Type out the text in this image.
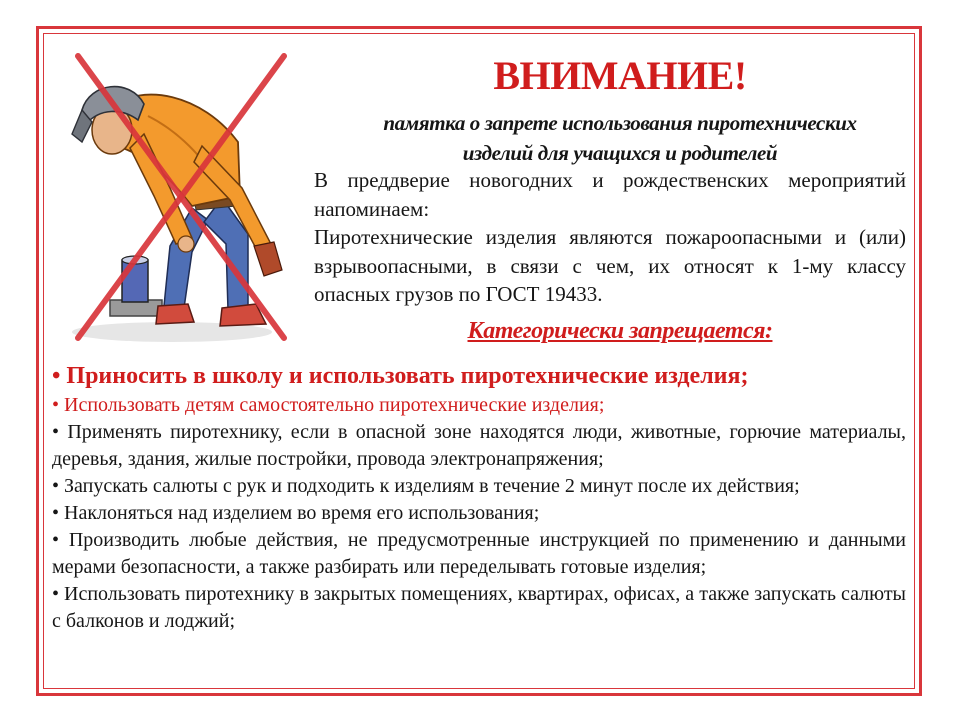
ВНИМАНИЕ!
памятка о запрете использования пиротехнических
изделий для учащихся и родителей

В преддверие новогодних и рождественских мероприятий напоминаем:

Пиротехнические изделия являются пожароопасными и (или) взрывоопасными, в связи с чем, их относят к 1-му классу опасных грузов по ГОСТ 19433.

Категорически запрещается:
• Приносить в школу и использовать пиротехнические изделия;
• Использовать детям самостоятельно пиротехнические изделия;
• Применять пиротехнику, если в опасной зоне находятся люди, животные, горючие материалы, деревья, здания, жилые постройки, провода электронапряжения;
• Запускать салюты с рук и подходить к изделиям в течение 2 минут после их действия;
• Наклоняться над изделием во время его использования;
• Производить любые действия, не предусмотренные инструкцией по применению и данными мерами безопасности, а также разбирать или переделывать готовые изделия;
• Использовать пиротехнику в закрытых помещениях, квартирах, офисах, а также запускать салюты с балконов и лоджий;
